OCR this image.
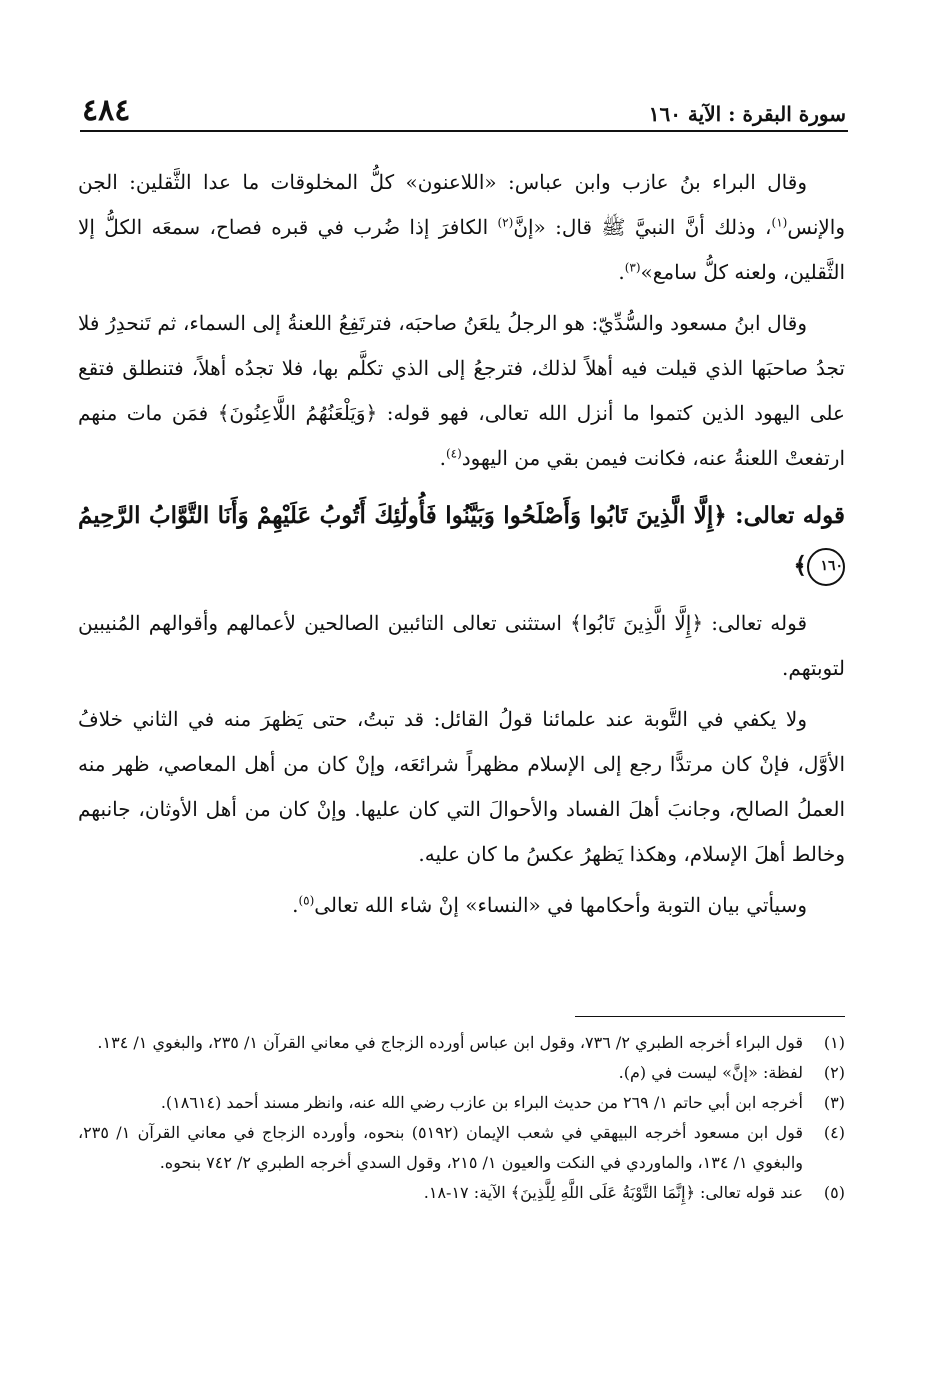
سورة البقرة : الآية ١٦٠
٤٨٤

وقال البراء بنُ عازب وابن عباس: «اللاعنون» كلُّ المخلوقات ما عدا الثَّقلين: الجن والإنس$^{(١)}$، وذلك أنَّ النبيَّ ﷺ قال: «إنَّ$^{(٢)}$ الكافرَ إذا ضُرب في قبره فصاح، سمعَه الكلُّ إلا الثَّقلين، ولعنه كلُّ سامع»$^{(٣)}$.

وقال ابنُ مسعود والسُّدِّيّ: هو الرجلُ يلعَنُ صاحبَه، فترتَفِعُ اللعنةُ إلى السماء، ثم تَنحدِرُ فلا تجدُ صاحبَها الذي قيلت فيه أهلاً لذلك، فترجعُ إلى الذي تكلَّم بها، فلا تجدُه أهلاً، فتنطلق فتقع على اليهود الذين كتموا ما أنزل الله تعالى، فهو قوله: ﴿وَيَلْعَنُهُمُ اللَّاعِنُونَ﴾ فمَن مات منهم ارتفعتْ اللعنةُ عنه، فكانت فيمن بقي من اليهود$^{(٤)}$.

قوله تعالى: ﴿إِلَّا الَّذِينَ تَابُوا وَأَصْلَحُوا وَبَيَّنُوا فَأُولَٰئِكَ أَتُوبُ عَلَيْهِمْ وَأَنَا التَّوَّابُ الرَّحِيمُ ١٦٠﴾

قوله تعالى: ﴿إِلَّا الَّذِينَ تَابُوا﴾ استثنى تعالى التائبين الصالحين لأعمالهم وأقوالهم المُنيبين لتوبتهم.

ولا يكفي في التَّوبة عند علمائنا قولُ القائل: قد تبتُ، حتى يَظهرَ منه في الثاني خلافُ الأوَّل، فإنْ كان مرتدًّا رجع إلى الإسلام مظهراً شرائعَه، وإنْ كان من أهل المعاصي، ظهر منه العملُ الصالح، وجانبَ أهلَ الفساد والأحوالَ التي كان عليها. وإنْ كان من أهل الأوثان، جانبهم وخالط أهلَ الإسلام، وهكذا يَظهرُ عكسُ ما كان عليه.

وسيأتي بيان التوبة وأحكامها في «النساء» إنْ شاء الله تعالى$^{(٥)}$.

(١)
قول البراء أخرجه الطبري ٢/ ٧٣٦، وقول ابن عباس أورده الزجاج في معاني القرآن ١/ ٢٣٥، والبغوي ١/ ١٣٤.

(٢)
لفظة: «إنَّ» ليست في (م).

(٣)
أخرجه ابن أبي حاتم ١/ ٢٦٩ من حديث البراء بن عازب رضي الله عنه، وانظر مسند أحمد (١٨٦١٤).

(٤)
قول ابن مسعود أخرجه البيهقي في شعب الإيمان (٥١٩٢) بنحوه، وأورده الزجاج في معاني القرآن ١/ ٢٣٥، والبغوي ١/ ١٣٤، والماوردي في النكت والعيون ١/ ٢١٥، وقول السدي أخرجه الطبري ٢/ ٧٤٢ بنحوه.

(٥)
عند قوله تعالى: ﴿إِنَّمَا التَّوْبَةُ عَلَى اللَّهِ لِلَّذِينَ﴾ الآية: ١٧-١٨.
